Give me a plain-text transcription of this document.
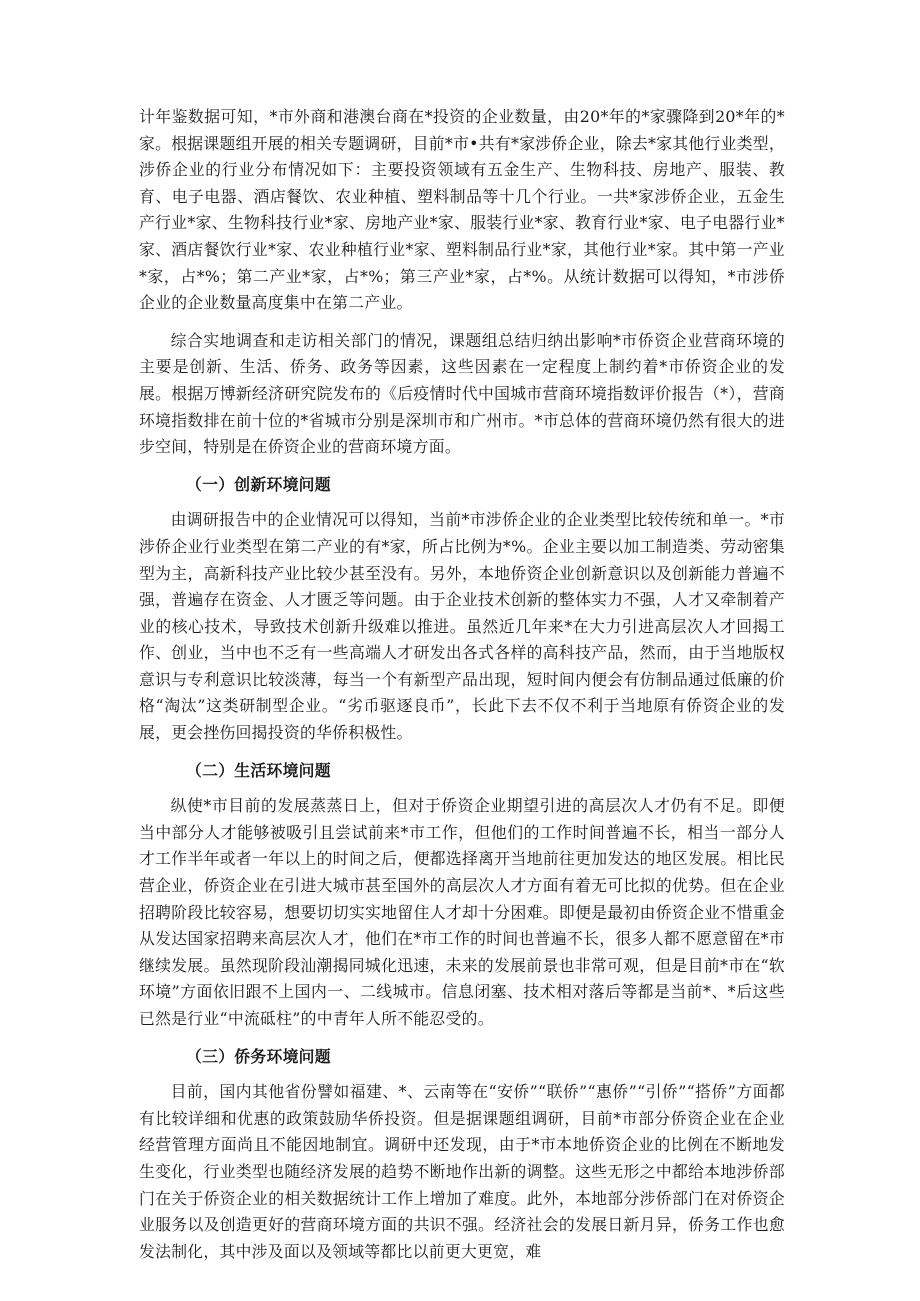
计年鉴数据可知，*市外商和港澳台商在*投资的企业数量，由20*年的*家骤降到20*年的*家。根据课题组开展的相关专题调研，目前*市•共有*家涉侨企业，除去*家其他行业类型，涉侨企业的行业分布情况如下：主要投资领域有五金生产、生物科技、房地产、服装、教育、电子电器、酒店餐饮、农业种植、塑料制品等十几个行业。一共*家涉侨企业，五金生产行业*家、生物科技行业*家、房地产业*家、服装行业*家、教育行业*家、电子电器行业*家、酒店餐饮行业*家、农业种植行业*家、塑料制品行业*家，其他行业*家。其中第一产业*家，占*%；第二产业*家，占*%；第三产业*家，占*%。从统计数据可以得知，*市涉侨企业的企业数量高度集中在第二产业。

综合实地调查和走访相关部门的情况，课题组总结归纳出影响*市侨资企业营商环境的主要是创新、生活、侨务、政务等因素，这些因素在一定程度上制约着*市侨资企业的发展。根据万博新经济研究院发布的《后疫情时代中国城市营商环境指数评价报告（*），营商环境指数排在前十位的*省城市分别是深圳市和广州市。*市总体的营商环境仍然有很大的进步空间，特别是在侨资企业的营商环境方面。

（一）创新环境问题

由调研报告中的企业情况可以得知，当前*市涉侨企业的企业类型比较传统和单一。*市涉侨企业行业类型在第二产业的有*家，所占比例为*%。企业主要以加工制造类、劳动密集型为主，高新科技产业比较少甚至没有。另外，本地侨资企业创新意识以及创新能力普遍不强，普遍存在资金、人才匮乏等问题。由于企业技术创新的整体实力不强，人才又牵制着产业的核心技术，导致技术创新升级难以推进。虽然近几年来*在大力引进高层次人才回揭工作、创业，当中也不乏有一些高端人才研发出各式各样的高科技产品，然而，由于当地版权意识与专利意识比较淡薄，每当一个有新型产品出现，短时间内便会有仿制品通过低廉的价格“淘汰”这类研制型企业。“劣币驱逐良币”，长此下去不仅不利于当地原有侨资企业的发展，更会挫伤回揭投资的华侨积极性。

（二）生活环境问题

纵使*市目前的发展蒸蒸日上，但对于侨资企业期望引进的高层次人才仍有不足。即便当中部分人才能够被吸引且尝试前来*市工作，但他们的工作时间普遍不长，相当一部分人才工作半年或者一年以上的时间之后，便都选择离开当地前往更加发达的地区发展。相比民营企业，侨资企业在引进大城市甚至国外的高层次人才方面有着无可比拟的优势。但在企业招聘阶段比较容易，想要切切实实地留住人才却十分困难。即便是最初由侨资企业不惜重金从发达国家招聘来高层次人才，他们在*市工作的时间也普遍不长，很多人都不愿意留在*市继续发展。虽然现阶段汕潮揭同城化迅速，未来的发展前景也非常可观，但是目前*市在“软环境”方面依旧跟不上国内一、二线城市。信息闭塞、技术相对落后等都是当前*、*后这些已然是行业“中流砥柱”的中青年人所不能忍受的。

（三）侨务环境问题

目前，国内其他省份譬如福建、*、云南等在“安侨”“联侨”“惠侨”“引侨”“搭侨”方面都有比较详细和优惠的政策鼓励华侨投资。但是据课题组调研，目前*市部分侨资企业在企业经营管理方面尚且不能因地制宜。调研中还发现，由于*市本地侨资企业的比例在不断地发生变化，行业类型也随经济发展的趋势不断地作出新的调整。这些无形之中都给本地涉侨部门在关于侨资企业的相关数据统计工作上增加了难度。此外，本地部分涉侨部门在对侨资企业服务以及创造更好的营商环境方面的共识不强。经济社会的发展日新月异，侨务工作也愈发法制化，其中涉及面以及领域等都比以前更大更宽，难
